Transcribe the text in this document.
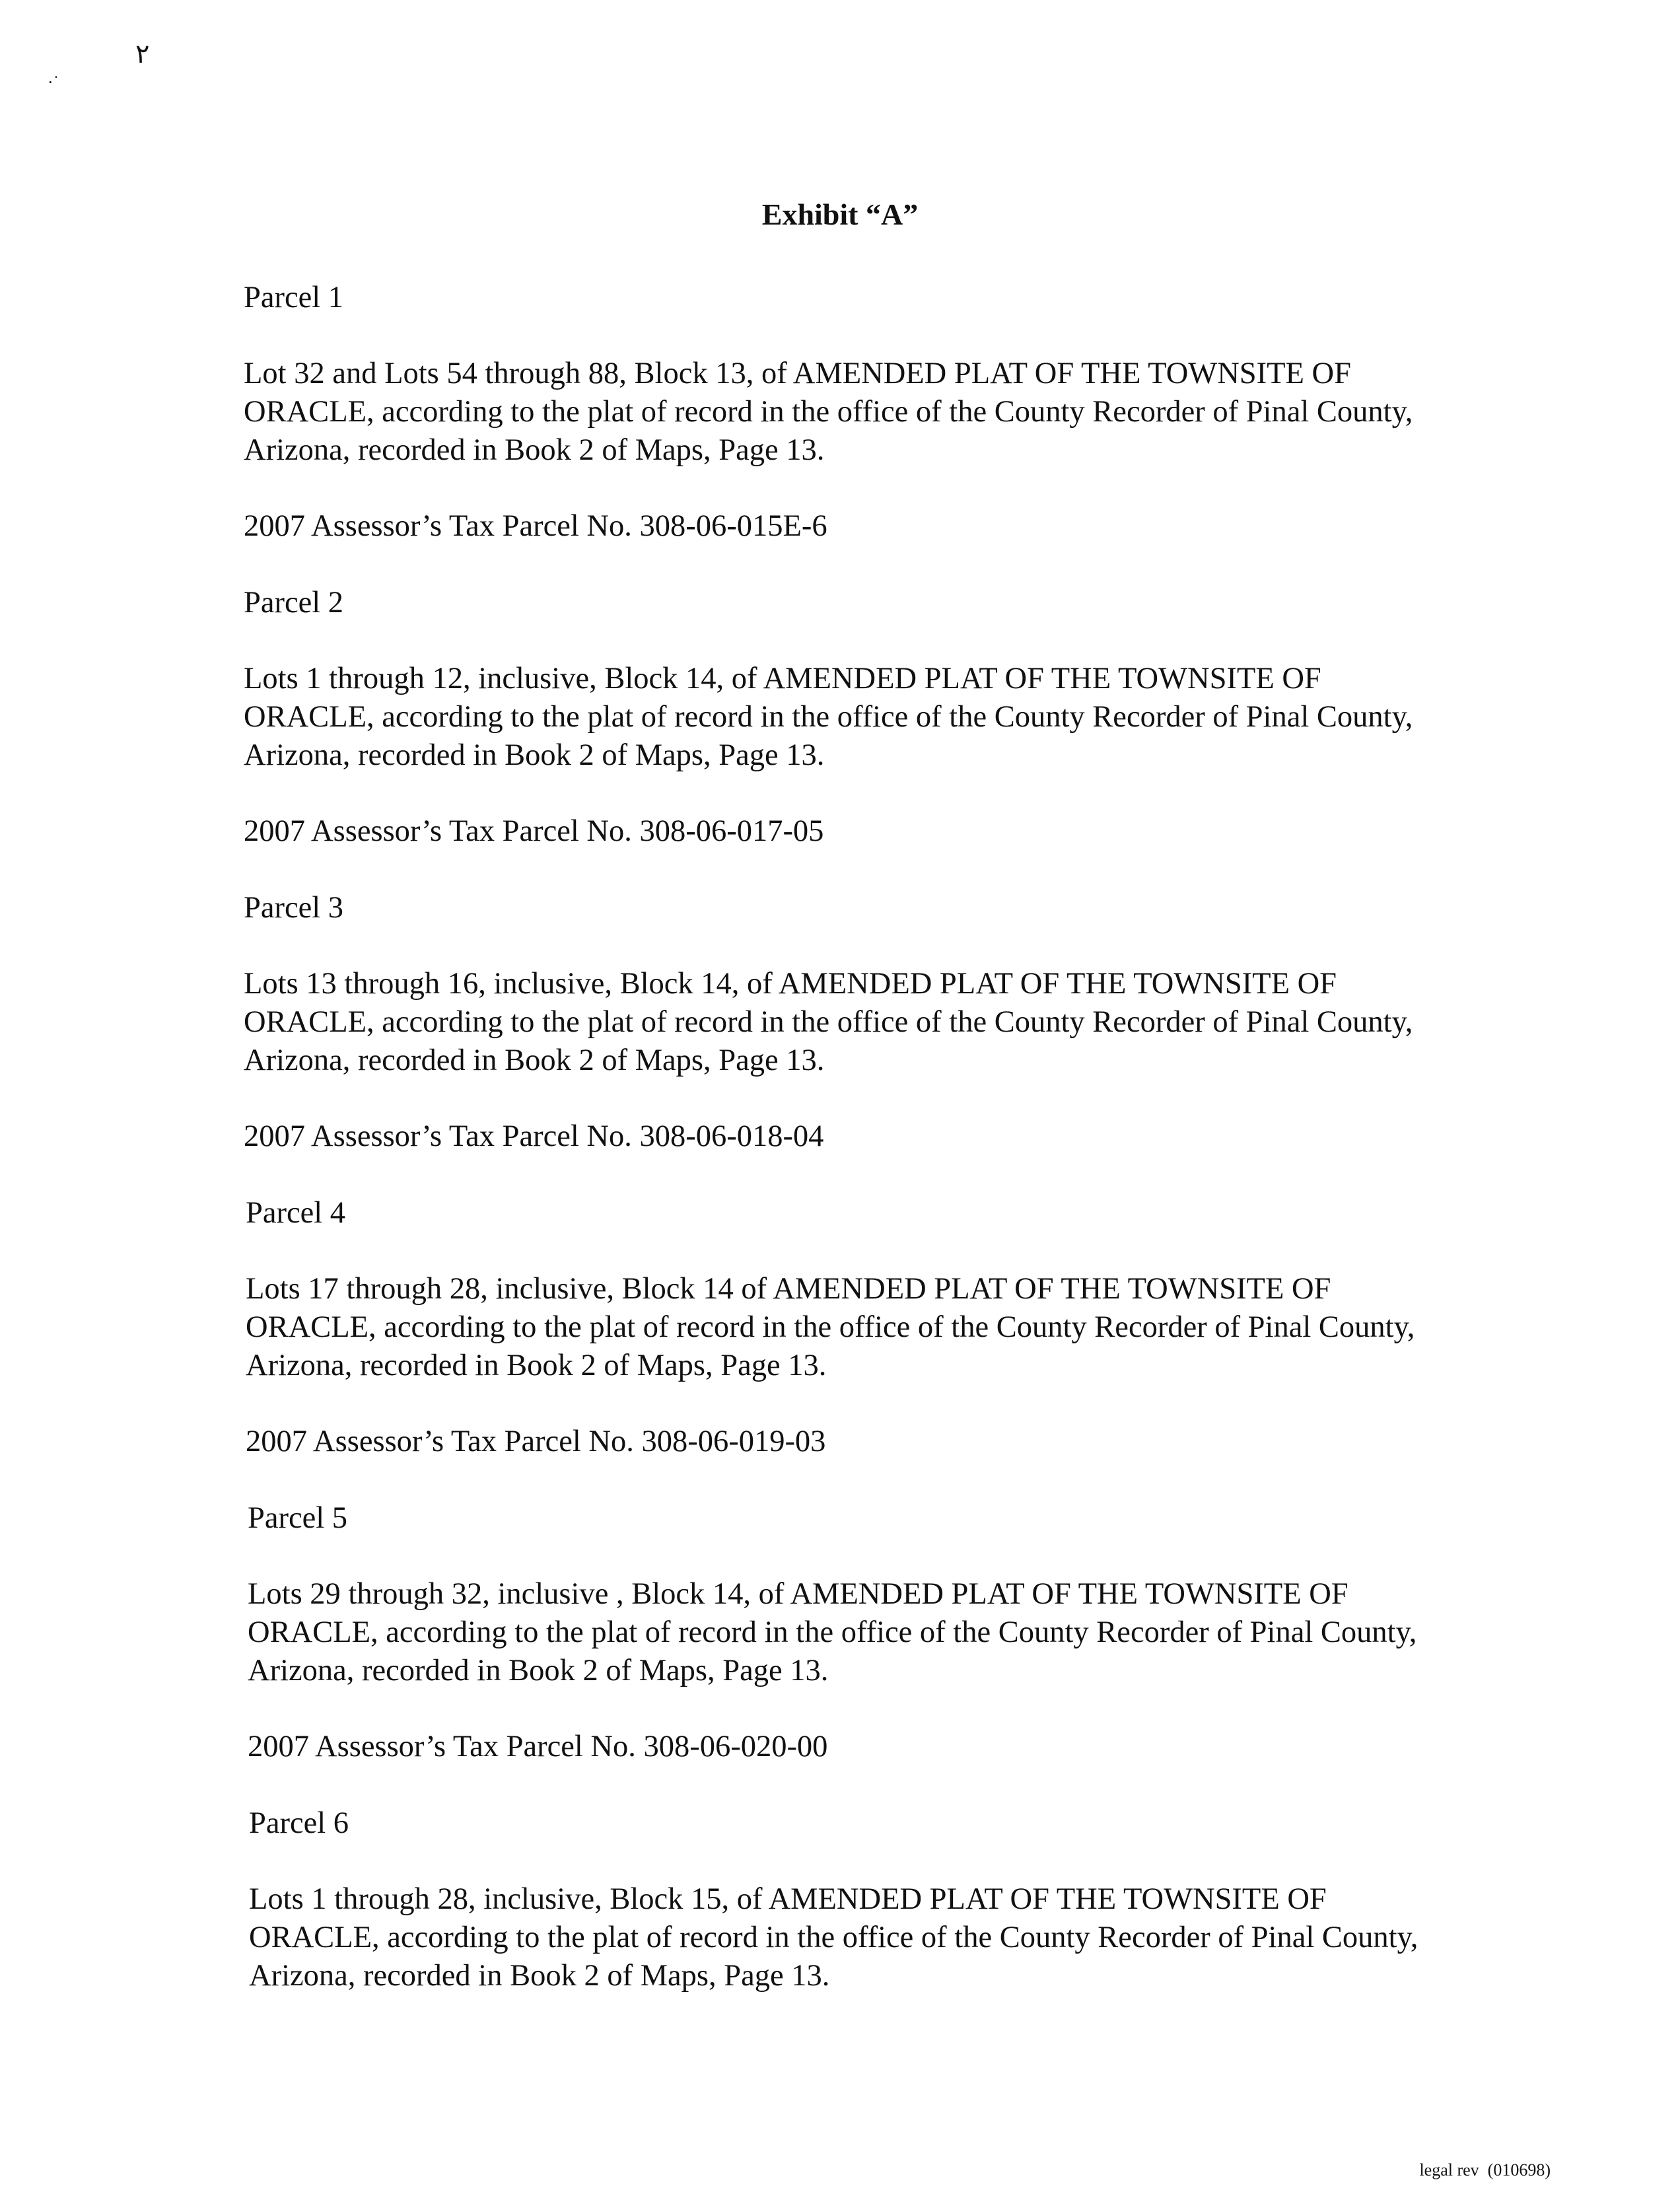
٢
·˙
Exhibit “A”
Parcel 1
Lot 32 and Lots 54 through 88, Block 13, of AMENDED PLAT OF THE TOWNSITE OF
ORACLE, according to the plat of record in the office of the County Recorder of Pinal County,
Arizona, recorded in Book 2 of Maps, Page 13.
2007 Assessor’s Tax Parcel No. 308-06-015E-6
Parcel 2
Lots 1 through 12, inclusive, Block 14, of AMENDED PLAT OF THE TOWNSITE OF
ORACLE, according to the plat of record in the office of the County Recorder of Pinal County,
Arizona, recorded in Book 2 of Maps, Page 13.
2007 Assessor’s Tax Parcel No. 308-06-017-05
Parcel 3
Lots 13 through 16, inclusive, Block 14, of AMENDED PLAT OF THE TOWNSITE OF
ORACLE, according to the plat of record in the office of the County Recorder of Pinal County,
Arizona, recorded in Book 2 of Maps, Page 13.
2007 Assessor’s Tax Parcel No. 308-06-018-04
Parcel 4
Lots 17 through 28, inclusive, Block 14 of AMENDED PLAT OF THE TOWNSITE OF
ORACLE, according to the plat of record in the office of the County Recorder of Pinal County,
Arizona, recorded in Book 2 of Maps, Page 13.
2007 Assessor’s Tax Parcel No. 308-06-019-03
Parcel 5
Lots 29 through 32, inclusive , Block 14, of AMENDED PLAT OF THE TOWNSITE OF
ORACLE, according to the plat of record in the office of the County Recorder of Pinal County,
Arizona, recorded in Book 2 of Maps, Page 13.
2007 Assessor’s Tax Parcel No. 308-06-020-00
Parcel 6
Lots 1 through 28, inclusive, Block 15, of AMENDED PLAT OF THE TOWNSITE OF
ORACLE, according to the plat of record in the office of the County Recorder of Pinal County,
Arizona, recorded in Book 2 of Maps, Page 13.
legal rev  (010698)
